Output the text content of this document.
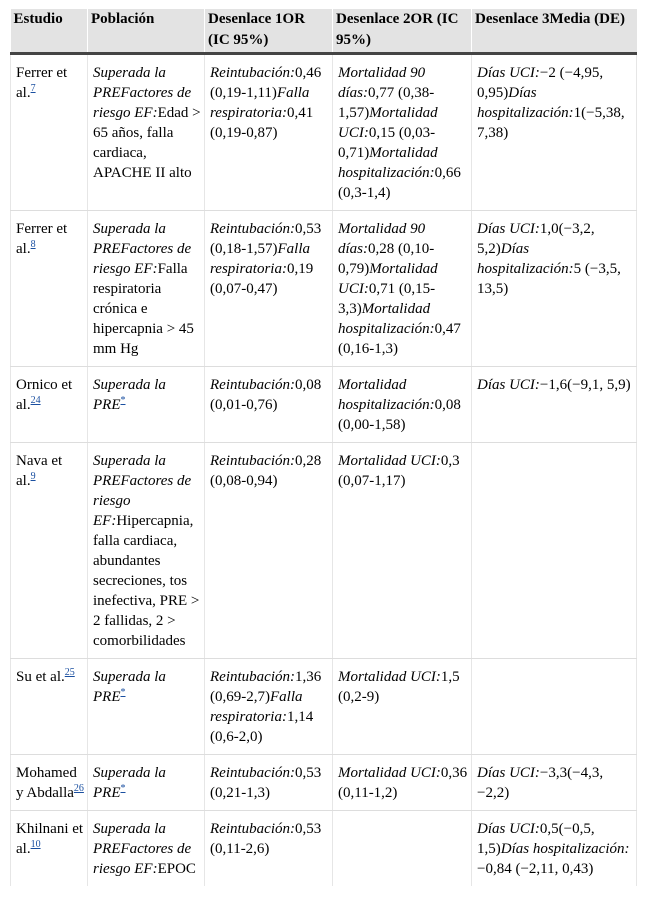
Estudio	Población	Desenlace 1OR (IC 95%)	Desenlace 2OR (IC 95%)	Desenlace 3Media (DE)
Ferrer et al.$^7$	Superada la PREFactores de riesgo EF:Edad > 65 años, falla cardiaca, APACHE II alto	Reintubación:0,46 (0,19-1,11)Falla respiratoria:0,41 (0,19-0,87)	Mortalidad 90 días:0,77 (0,38-1,57)Mortalidad UCI:0,15 (0,03-0,71)Mortalidad hospitalización:0,66 (0,3-1,4)	Días UCI:−2 (−4,95, 0,95)Días hospitalización:1(−5,38, 7,38)
Ferrer et al.$^8$	Superada la PREFactores de riesgo EF:Falla respiratoria crónica e hipercapnia > 45 mm Hg	Reintubación:0,53 (0,18-1,57)Falla respiratoria:0,19 (0,07-0,47)	Mortalidad 90 días:0,28 (0,10-0,79)Mortalidad UCI:0,71 (0,15-3,3)Mortalidad hospitalización:0,47 (0,16-1,3)	Días UCI:1,0(−3,2, 5,2)Días hospitalización:5 (−3,5, 13,5)
Ornico et al.$^{24}$	Superada la PRE*	Reintubación:0,08 (0,01-0,76)	Mortalidad hospitalización:0,08 (0,00-1,58)	Días UCI:−1,6(−9,1, 5,9)
Nava et al.$^9$	Superada la PREFactores de riesgo EF:Hipercapnia, falla cardiaca, abundantes secreciones, tos inefectiva, PRE > 2 fallidas, 2 > comorbilidades	Reintubación:0,28 (0,08-0,94)	Mortalidad UCI:0,3 (0,07-1,17)	
Su et al.$^{25}$	Superada la PRE*	Reintubación:1,36 (0,69-2,7)Falla respiratoria:1,14 (0,6-2,0)	Mortalidad UCI:1,5 (0,2-9)	
Mohamed y Abdalla$^{26}$	Superada la PRE*	Reintubación:0,53 (0,21-1,3)	Mortalidad UCI:0,36 (0,11-1,2)	Días UCI:−3,3(−4,3, −2,2)
Khilnani et al.$^{10}$	Superada la PREFactores de riesgo EF:EPOC	Reintubación:0,53 (0,11-2,6)		Días UCI:0,5(−0,5, 1,5)Días hospitalización:−0,84 (−2,11, 0,43)
